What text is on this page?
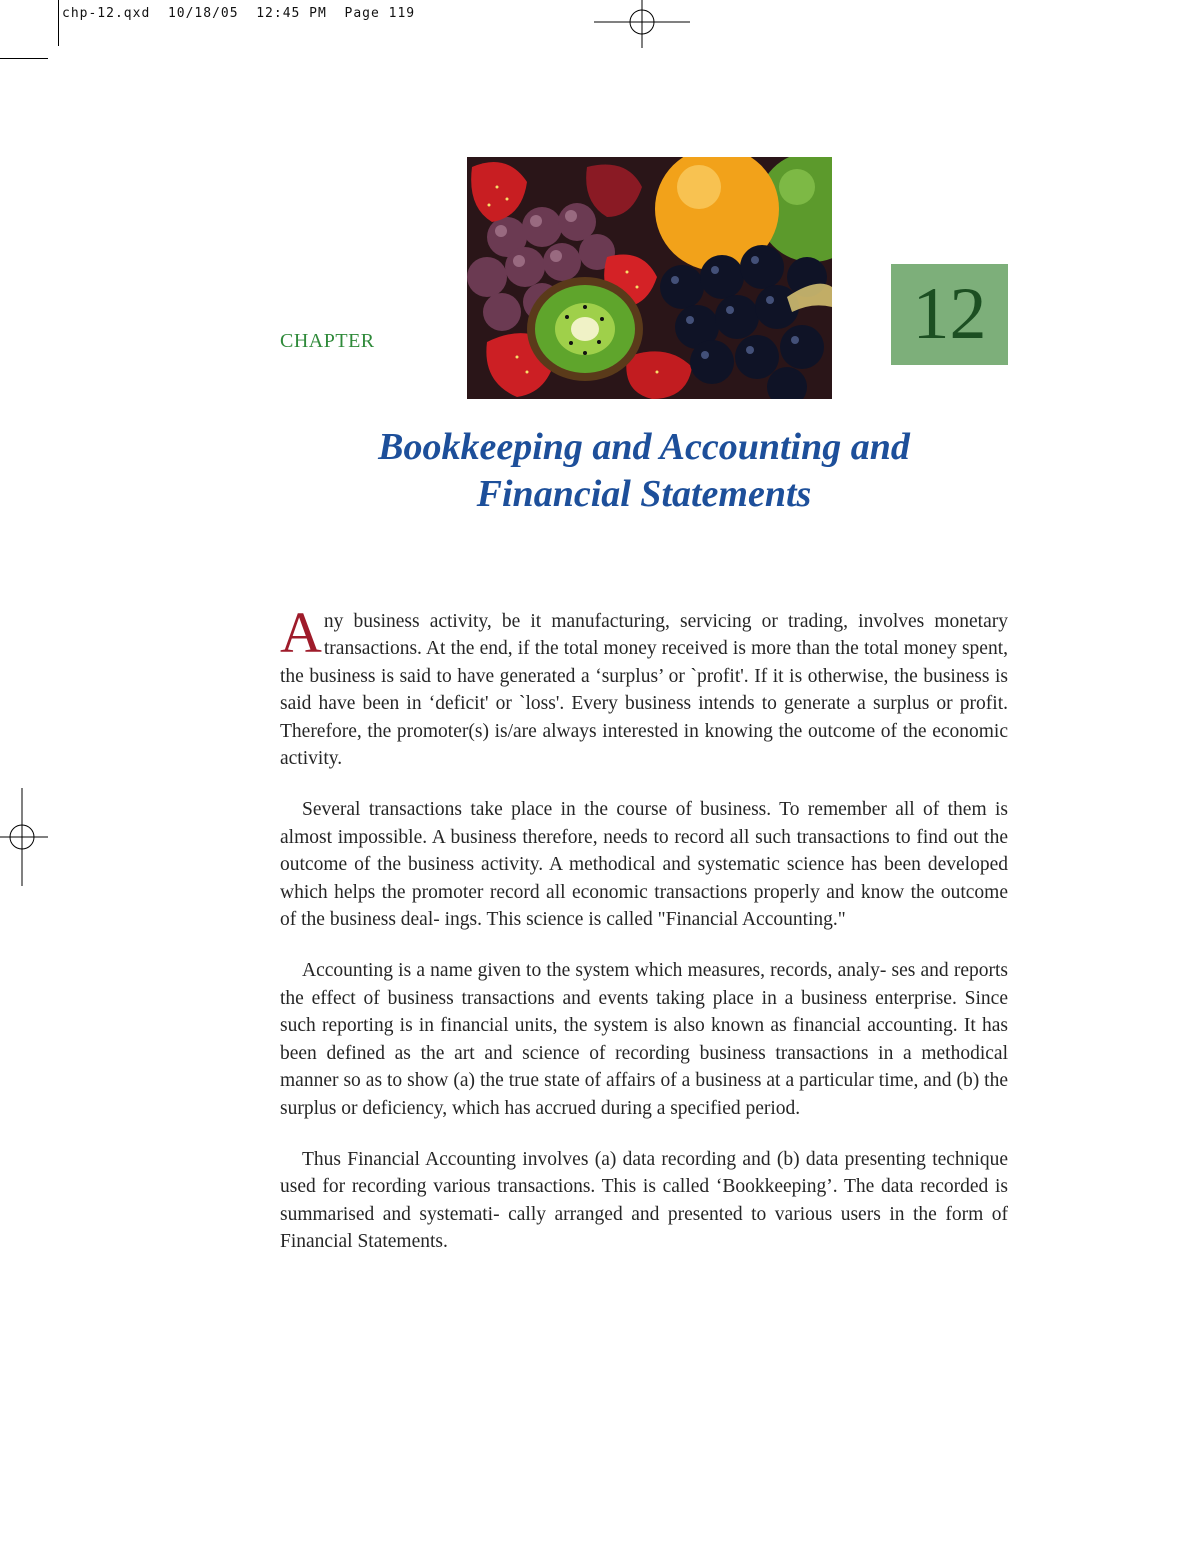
chp-12.qxd 10/18/05 12:45 PM Page 119
CHAPTER	12
Bookkeeping and Accounting and
Financial Statements

Any business activity, be it manufacturing, servicing or trading, involves monetary transactions. At the end, if the total money received is more than the total money spent, the business is said to have generated a ‘surplus’ or `profit'. If it is otherwise, the business is said have been in ‘deficit' or `loss'. Every business intends to generate a surplus or profit. Therefore, the promoter(s) is/are always interested in knowing the outcome of the economic activity.

Several transactions take place in the course of business. To remember all of them is almost impossible. A business therefore, needs to record all such transactions to find out the outcome of the business activity. A methodical and systematic science has been developed which helps the promoter record all economic transactions properly and know the outcome of the business deal- ings. This science is called "Financial Accounting."

Accounting is a name given to the system which measures, records, analy- ses and reports the effect of business transactions and events taking place in a business enterprise. Since such reporting is in financial units, the system is also known as financial accounting. It has been defined as the art and science of recording business transactions in a methodical manner so as to show (a) the true state of affairs of a business at a particular time, and (b) the surplus or deficiency, which has accrued during a specified period.

Thus Financial Accounting involves (a) data recording and (b) data presenting technique used for recording various transactions. This is called ‘Bookkeeping’. The data recorded is summarised and systemati- cally arranged and presented to various users in the form of Financial Statements.
